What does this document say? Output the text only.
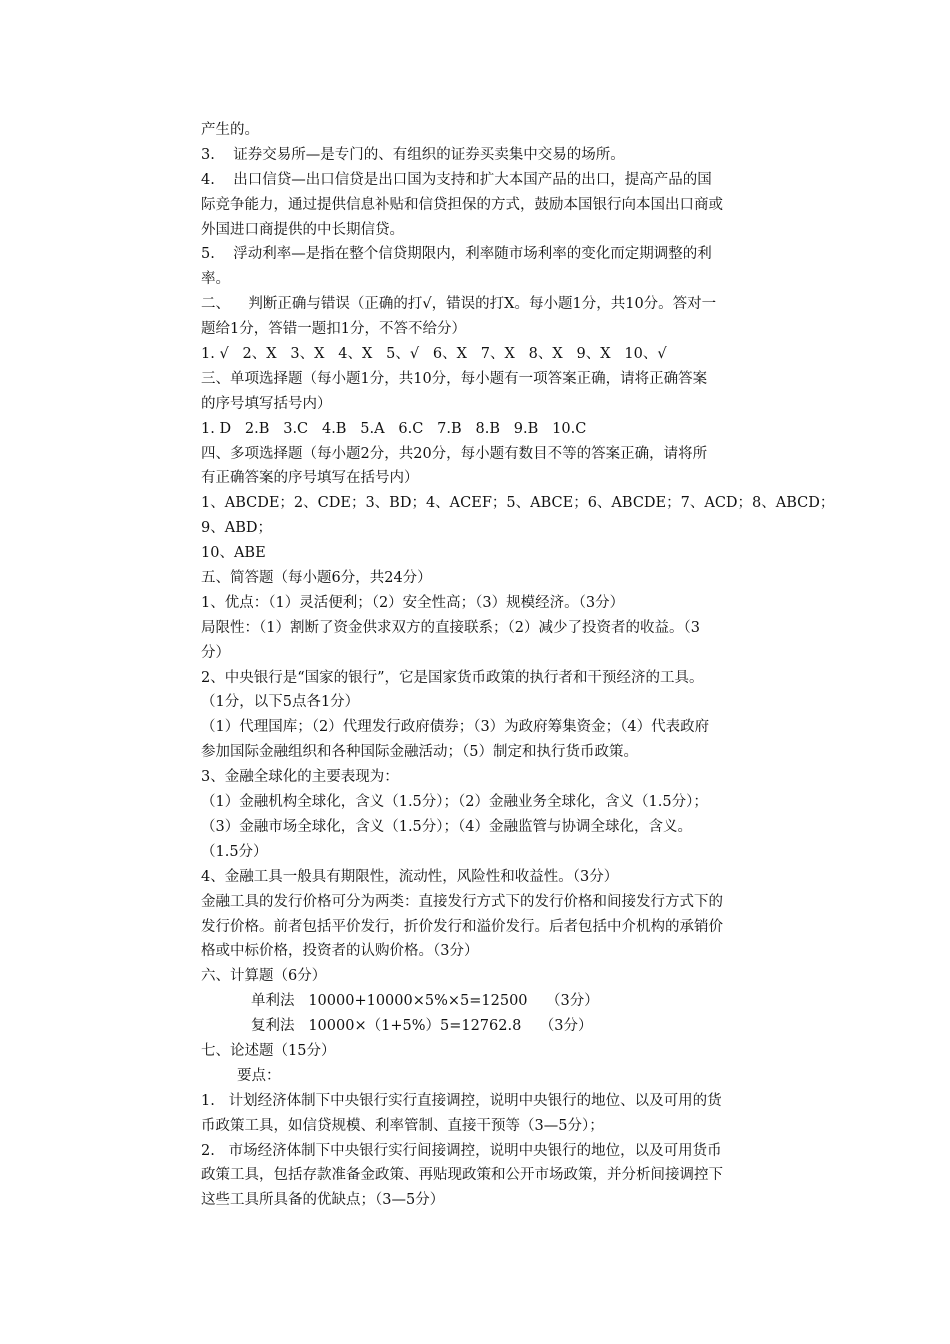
产生的。
3.    证券交易所—是专门的、有组织的证券买卖集中交易的场所。
4.    出口信贷—出口信贷是出口国为支持和扩大本国产品的出口，提高产品的国
际竞争能力，通过提供信息补贴和信贷担保的方式，鼓励本国银行向本国出口商或
外国进口商提供的中长期信贷。
5.    浮动利率—是指在整个信贷期限内，利率随市场利率的变化而定期调整的利
率。
二、    判断正确与错误（正确的打√，错误的打X。每小题1分，共10分。答对一
题给1分，答错一题扣1分，不答不给分）
1. √   2、X   3、X   4、X   5、√   6、X   7、X   8、X   9、X   10、√
三、单项选择题（每小题1分，共10分，每小题有一项答案正确，请将正确答案
的序号填写括号内）
1. D   2.B   3.C   4.B   5.A   6.C   7.B   8.B   9.B   10.C
四、多项选择题（每小题2分，共20分，每小题有数目不等的答案正确，请将所
有正确答案的序号填写在括号内）
1、ABCDE；2、CDE；3、BD；4、ACEF；5、ABCE；6、ABCDE；7、ACD；8、ABCD；
9、ABD；
10、ABE
五、简答题（每小题6分，共24分）
1、优点：（1）灵活便利；（2）安全性高；（3）规模经济。（3分）
局限性：（1）割断了资金供求双方的直接联系；（2）减少了投资者的收益。（3
分）
2、中央银行是“国家的银行”，它是国家货币政策的执行者和干预经济的工具。
（1分，以下5点各1分）
（1）代理国库；（2）代理发行政府债券；（3）为政府筹集资金；（4）代表政府
参加国际金融组织和各种国际金融活动；（5）制定和执行货币政策。
3、金融全球化的主要表现为：
（1）金融机构全球化，含义（1.5分）；（2）金融业务全球化，含义（1.5分）；
（3）金融市场全球化，含义（1.5分）；（4）金融监管与协调全球化，含义。
（1.5分）
4、金融工具一般具有期限性，流动性，风险性和收益性。（3分）
金融工具的发行价格可分为两类：直接发行方式下的发行价格和间接发行方式下的
发行价格。前者包括平价发行，折价发行和溢价发行。后者包括中介机构的承销价
格或中标价格，投资者的认购价格。（3分）
六、计算题（6分）
单利法   10000+10000×5%×5=12500    （3分）
复利法   10000×（1+5%）5=12762.8    （3分）
七、论述题（15分）
要点：
1.   计划经济体制下中央银行实行直接调控，说明中央银行的地位、以及可用的货
币政策工具，如信贷规模、利率管制、直接干预等（3—5分）；
2.   市场经济体制下中央银行实行间接调控，说明中央银行的地位，以及可用货币
政策工具，包括存款准备金政策、再贴现政策和公开市场政策，并分析间接调控下
这些工具所具备的优缺点；（3—5分）
